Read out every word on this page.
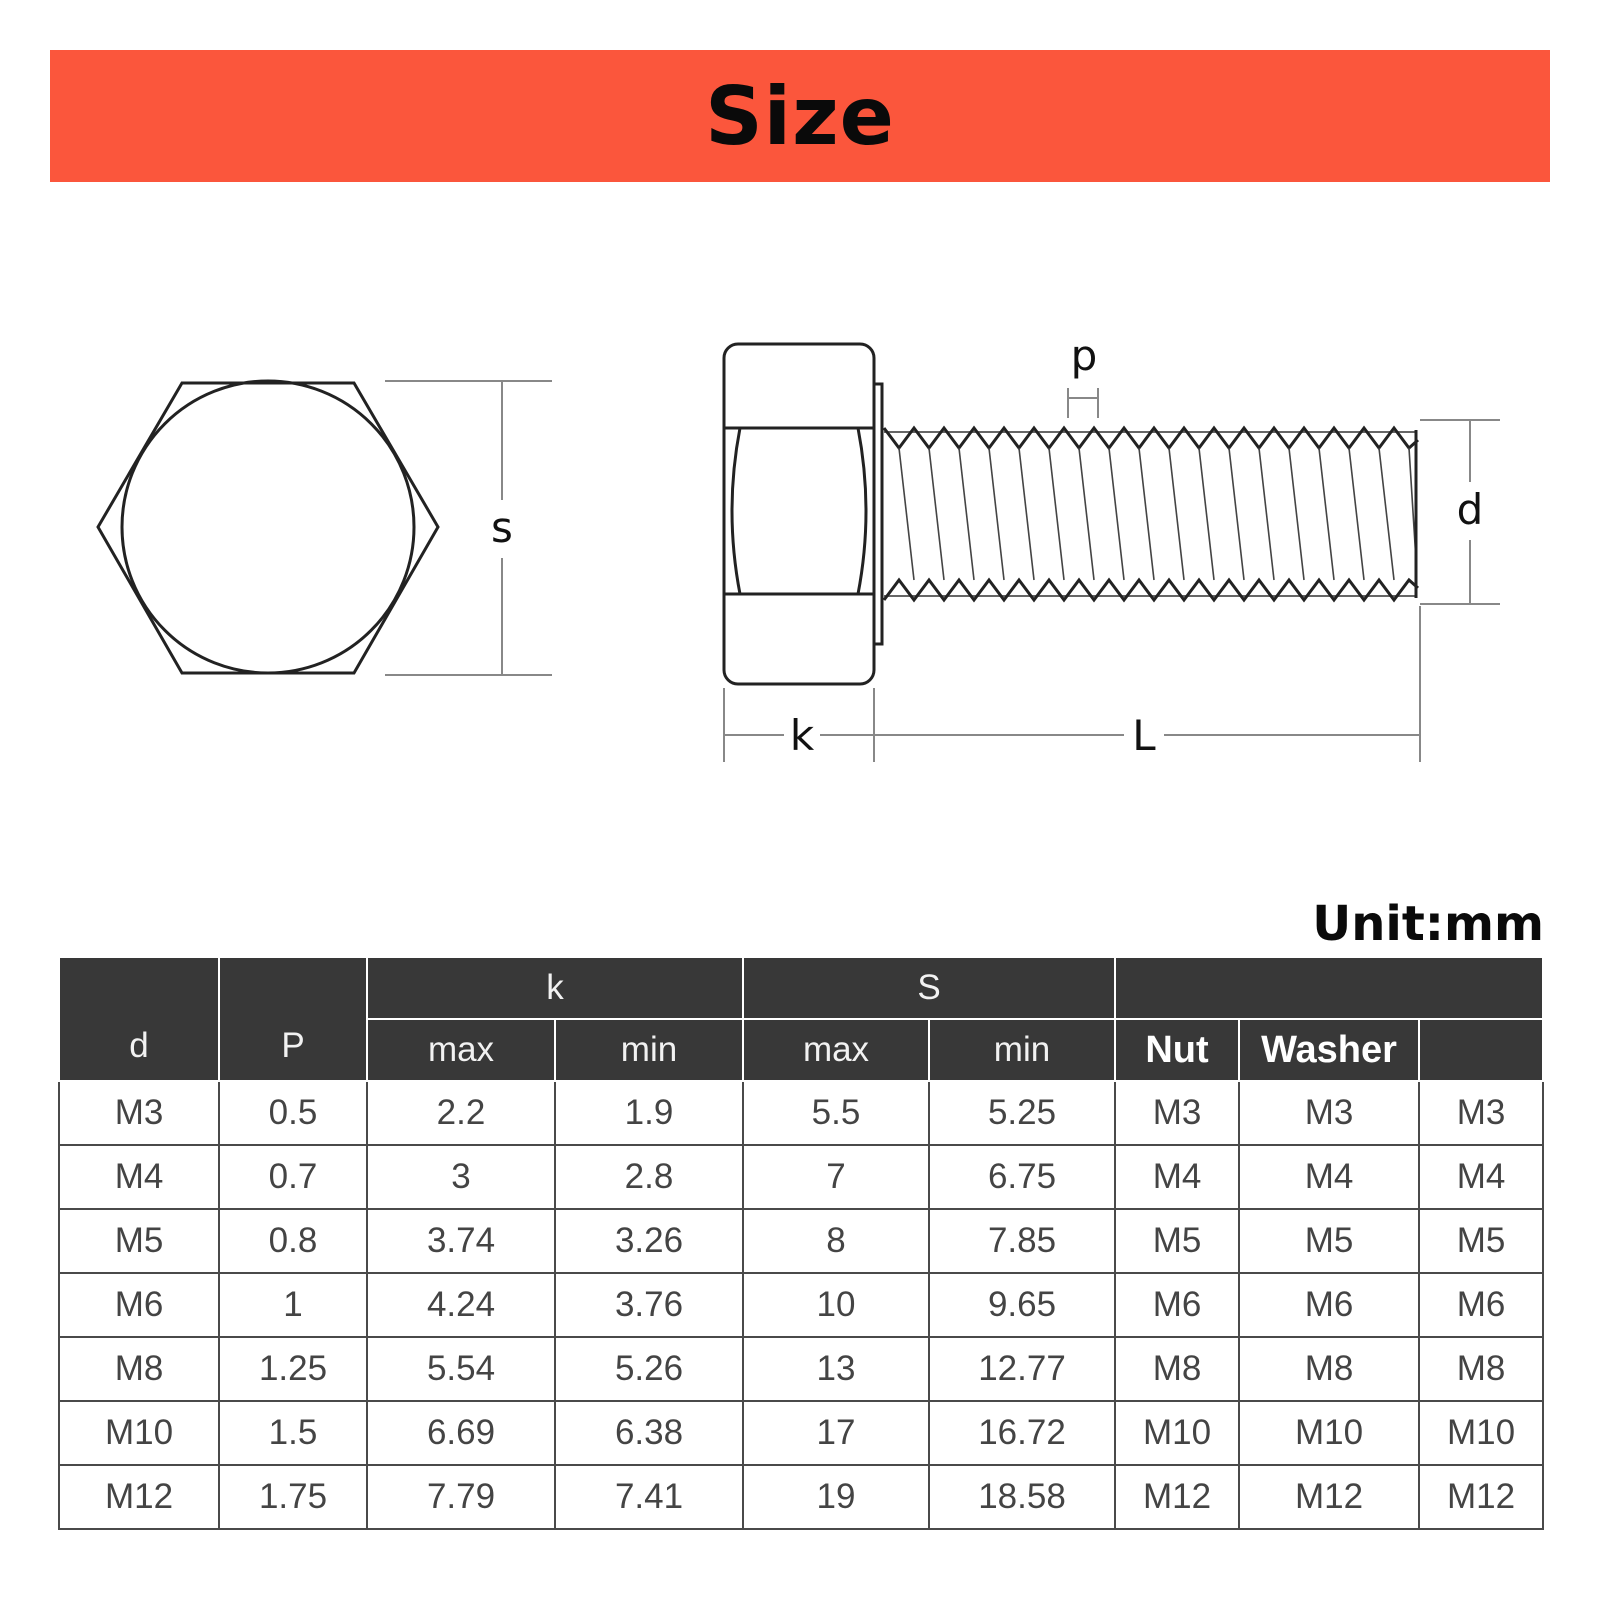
Size
s
p
d
k	L
Unit:mm
d	P	k		S				
		max	min	max	min	Nut	Washer	
M3	0.5	2.2	1.9	5.5	5.25	M3	M3	M3
M4	0.7	3	2.8	7	6.75	M4	M4	M4
M5	0.8	3.74	3.26	8	7.85	M5	M5	M5
M6	1	4.24	3.76	10	9.65	M6	M6	M6
M8	1.25	5.54	5.26	13	12.77	M8	M8	M8
M10	1.5	6.69	6.38	17	16.72	M10	M10	M10
M12	1.75	7.79	7.41	19	18.58	M12	M12	M12
